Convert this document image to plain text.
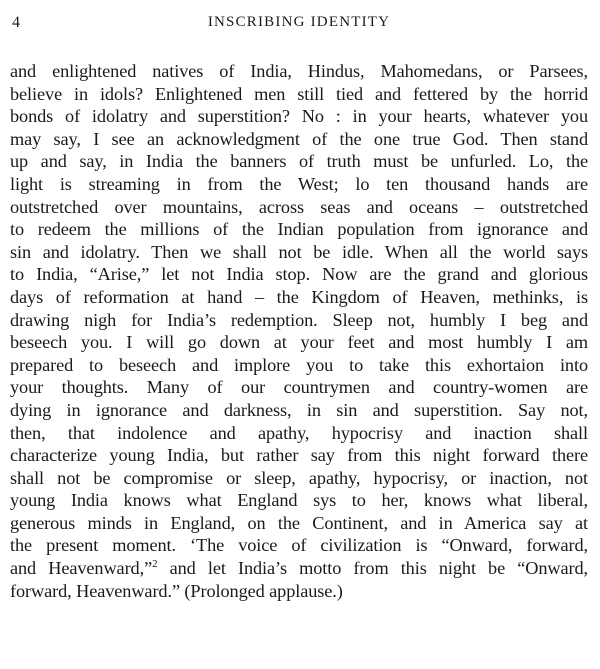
4	INSCRIBING IDENTITY
and enlightened natives of India, Hindus, Mahomedans, or Parsees,
believe in idols? Enlightened men still tied and fettered by the horrid
bonds of idolatry and superstition? No : in your hearts, whatever you
may say, I see an acknowledgment of the one true God. Then stand
up and say, in India the banners of truth must be unfurled. Lo, the
light is streaming in from the West; lo ten thousand hands are
outstretched over mountains, across seas and oceans – outstretched
to redeem the millions of the Indian population from ignorance and
sin and idolatry. Then we shall not be idle. When all the world says
to India, “Arise,” let not India stop. Now are the grand and glorious
days of reformation at hand – the Kingdom of Heaven, methinks, is
drawing nigh for India’s redemption. Sleep not, humbly I beg and
beseech you. I will go down at your feet and most humbly I am
prepared to beseech and implore you to take this exhortaion into
your thoughts. Many of our countrymen and country-women are
dying in ignorance and darkness, in sin and superstition. Say not,
then, that indolence and apathy, hypocrisy and inaction shall
characterize young India, but rather say from this night forward there
shall not be compromise or sleep, apathy, hypocrisy, or inaction, not
young India knows what England sys to her, knows what liberal,
generous minds in England, on the Continent, and in America say at
the present moment. ‘The voice of civilization is “Onward, forward,
and Heavenward,”$^2$ and let India’s motto from this night be “Onward,
forward, Heavenward.” (Prolonged applause.)
